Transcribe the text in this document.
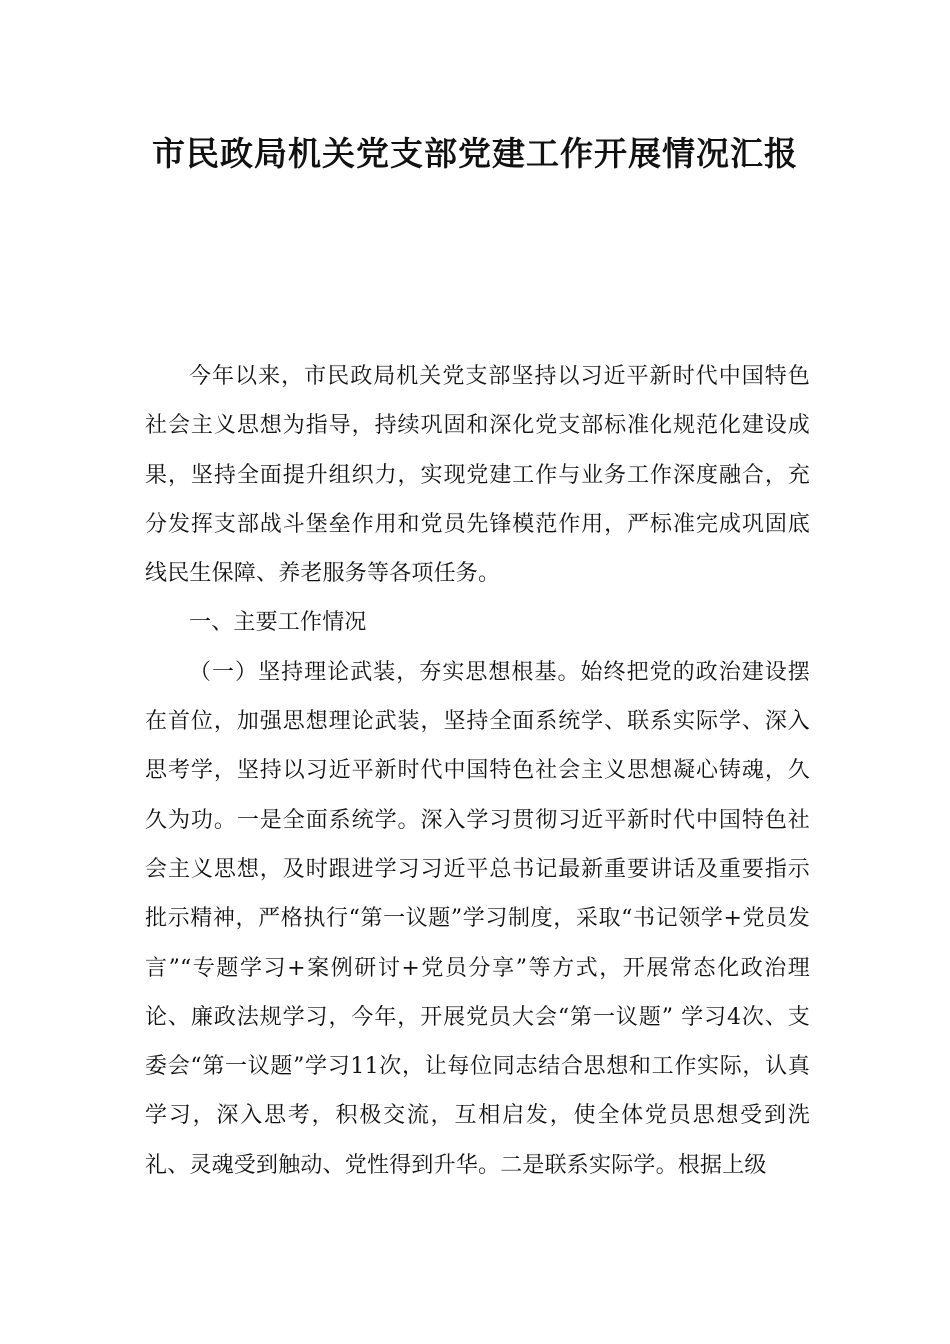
市民政局机关党支部党建工作开展情况汇报

今年以来，市民政局机关党支部坚持以习近平新时代中国特色社会主义思想为指导，持续巩固和深化党支部标准化规范化建设成果，坚持全面提升组织力，实现党建工作与业务工作深度融合，充分发挥支部战斗堡垒作用和党员先锋模范作用，严标准完成巩固底线民生保障、养老服务等各项任务。

一、主要工作情况

（一）坚持理论武装，夯实思想根基。始终把党的政治建设摆在首位，加强思想理论武装，坚持全面系统学、联系实际学、深入思考学，坚持以习近平新时代中国特色社会主义思想凝心铸魂，久久为功。一是全面系统学。深入学习贯彻习近平新时代中国特色社会主义思想，及时跟进学习习近平总书记最新重要讲话及重要指示批示精神，严格执行“第一议题”学习制度，采取“书记领学+党员发言”“专题学习+案例研讨+党员分享”等方式，开展常态化政治理论、廉政法规学习，今年，开展党员大会“第一议题” 学习4次、支委会“第一议题”学习11次，让每位同志结合思想和工作实际，认真学习，深入思考，积极交流，互相启发，使全体党员思想受到洗礼、灵魂受到触动、党性得到升华。二是联系实际学。根据上级
